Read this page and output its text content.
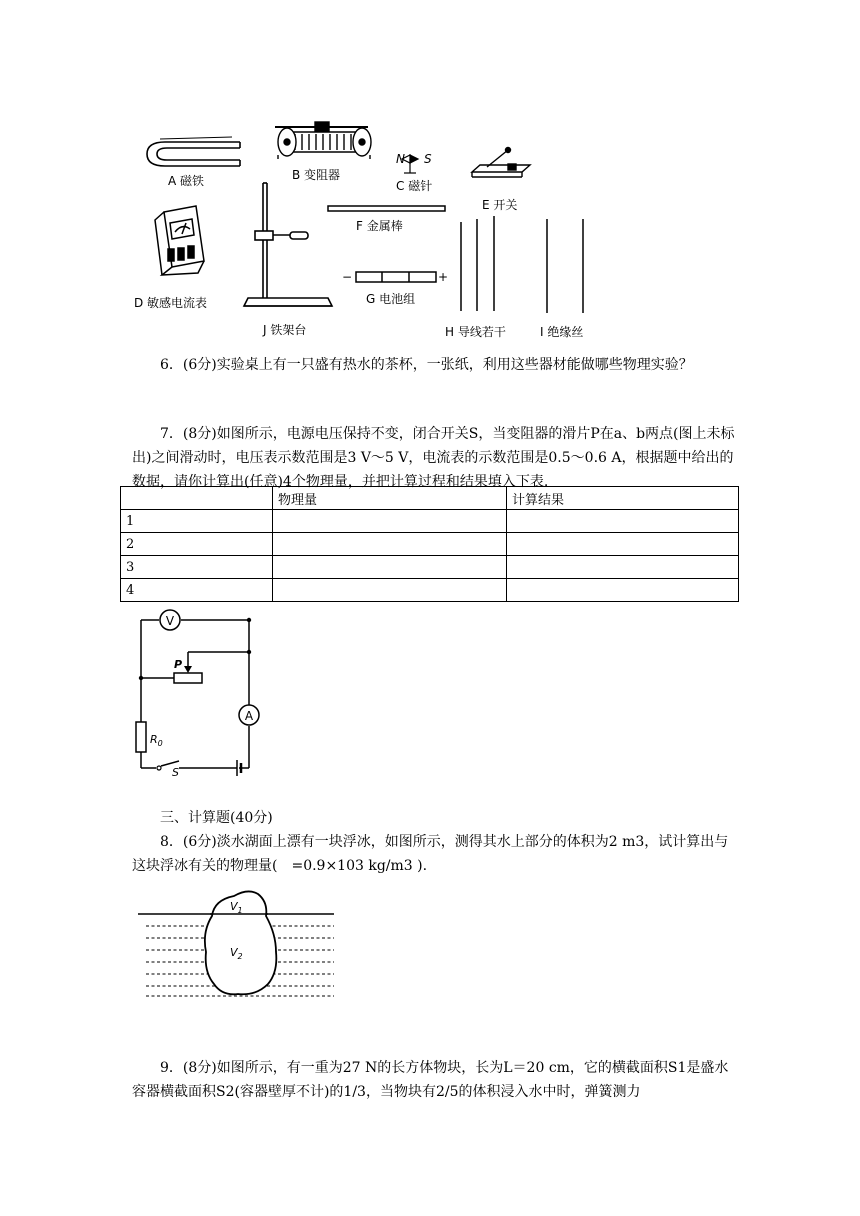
A 磁铁	B 变阻器
N S
C 磁针
E 开关
D 敏感电流表
J 铁架台
F 金属棒
−	+
G 电池组
H 导线若干	I 绝缘丝
6．(6分)实验桌上有一只盛有热水的茶杯，一张纸，利用这些器材能做哪些物理实验？
7．(8分)如图所示，电源电压保持不变，闭合开关S，当变阻器的滑片P在a、b两点(图上未标出)之间滑动时，电压表示数范围是3 V～5 V，电流表的示数范围是0.5～0.6 A，根据题中给出的数据，请你计算出(任意)4个物理量，并把计算过程和结果填入下表.
	物理量	计算结果
1		
2		
3		
4		
V
A
P
$R_0$
S
三、计算题(40分)
8．(6分)淡水湖面上漂有一块浮冰，如图所示，测得其水上部分的体积为2 m3，试计算出与这块浮冰有关的物理量(　=0.9×103 kg/m3 ).
$V_1$
$V_2$
9．(8分)如图所示，有一重为27 N的长方体物块，长为L＝20 cm，它的横截面积S1是盛水容器横截面积S2(容器壁厚不计)的1/3，当物块有2/5的体积浸入水中时，弹簧测力
